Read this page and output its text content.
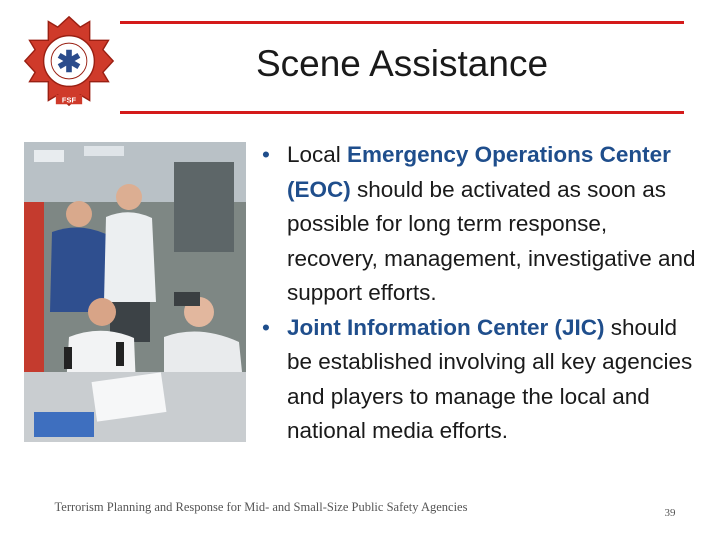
FSF
Scene Assistance
• Local Emergency Operations Center (EOC) should be activated as soon as possible for long term response, recovery, management, investigative and support efforts.
• Joint Information Center (JIC) should be established involving all key agencies and players to manage the local and national media efforts.
Terrorism Planning and Response for Mid- and Small-Size Public Safety Agencies	39
